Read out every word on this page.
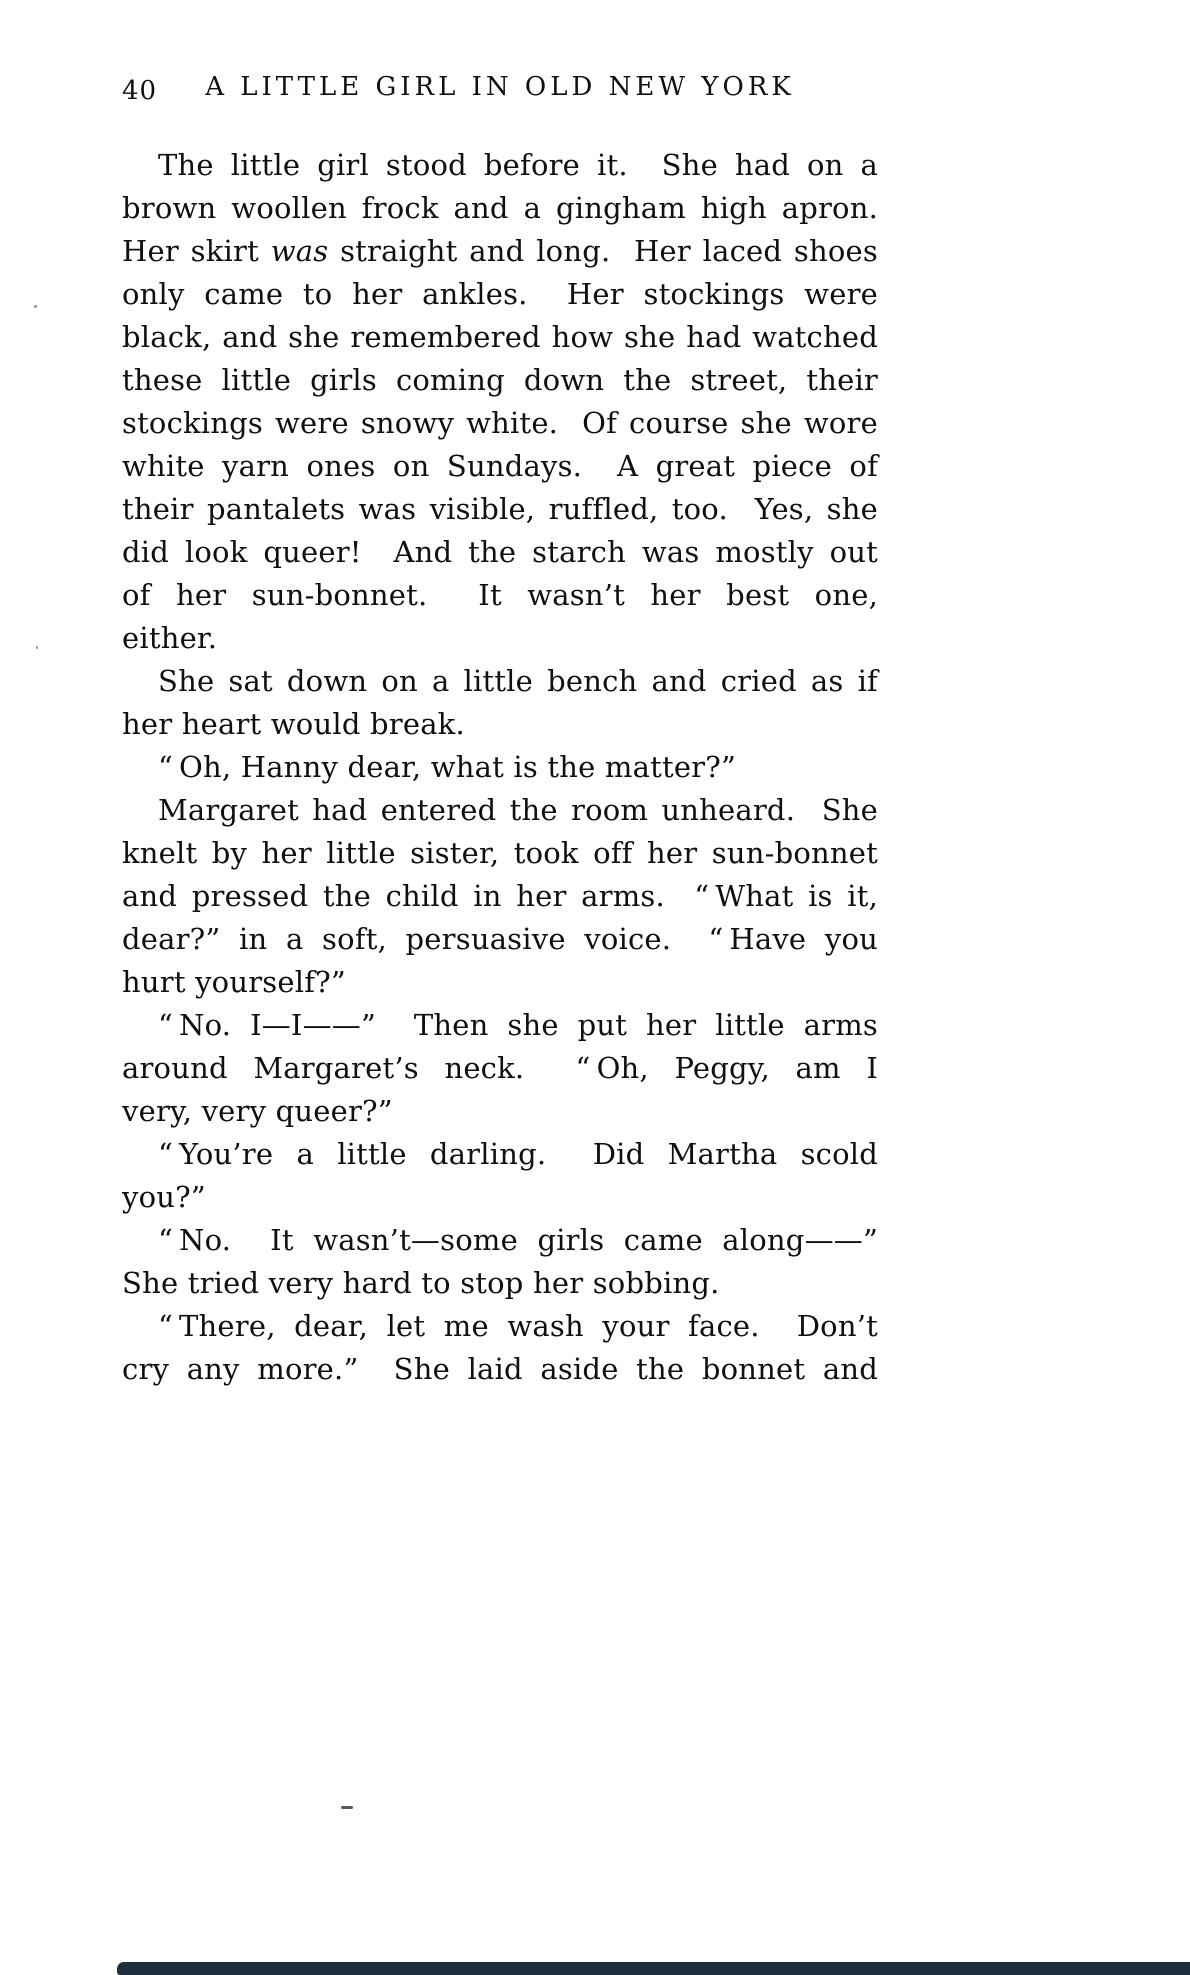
40 A LITTLE GIRL IN OLD NEW YORK
The little girl stood before it.  She had on a
brown woollen frock and a gingham high apron.
Her skirt was straight and long.  Her laced shoes
only came to her ankles.  Her stockings were
black, and she remembered how she had watched
these little girls coming down the street, their
stockings were snowy white.  Of course she wore
white yarn ones on Sundays.  A great piece of
their pantalets was visible, ruffled, too.  Yes, she
did look queer!  And the starch was mostly out
of her sun-bonnet.  It wasn’t her best one,
either.
She sat down on a little bench and cried as if
her heart would break.
“ Oh, Hanny dear, what is the matter?”
Margaret had entered the room unheard.  She
knelt by her little sister, took off her sun-bonnet
and pressed the child in her arms.  “ What is it,
dear?” in a soft, persuasive voice.  “ Have you
hurt yourself?”
“ No. I—I——”  Then she put her little arms
around Margaret’s neck.  “ Oh, Peggy, am I
very, very queer?”
“ You’re a little darling.  Did Martha scold
you?”
“ No.  It wasn’t—some girls came along——”
She tried very hard to stop her sobbing.
“ There, dear, let me wash your face.  Don’t
cry any more.”  She laid aside the bonnet and
